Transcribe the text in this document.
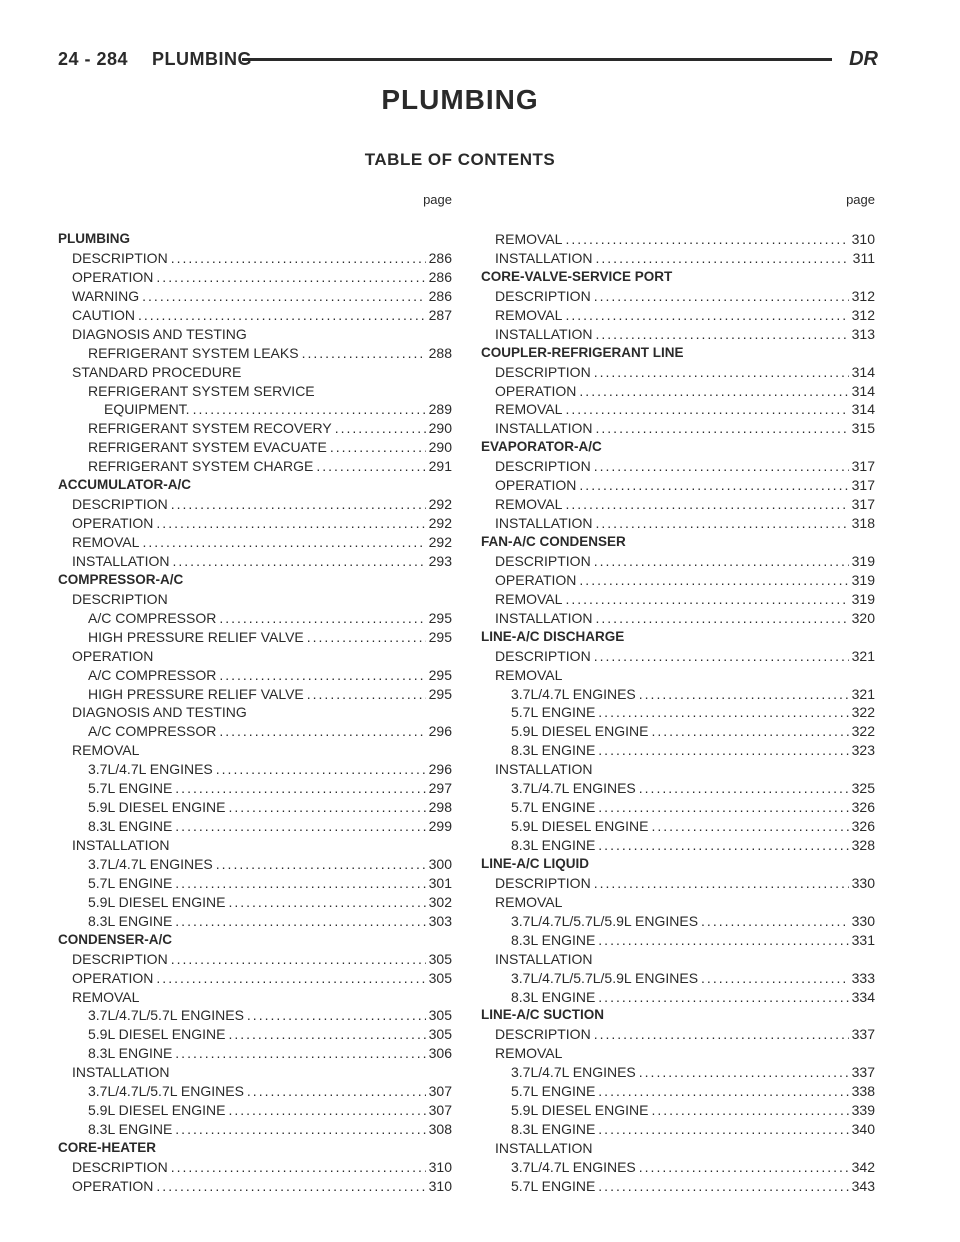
24 - 284 PLUMBING	DR
PLUMBING
TABLE OF CONTENTS
page	page
PLUMBING
DESCRIPTION .....	286
OPERATION .....	286
WARNING .....	286
CAUTION .....	287
DIAGNOSIS AND TESTING
REFRIGERANT SYSTEM LEAKS .....	288
STANDARD PROCEDURE
REFRIGERANT SYSTEM SERVICE
EQUIPMENT. .....	289
REFRIGERANT SYSTEM RECOVERY .....	290
REFRIGERANT SYSTEM EVACUATE .....	290
REFRIGERANT SYSTEM CHARGE .....	291
ACCUMULATOR-A/C
DESCRIPTION .....	292
OPERATION .....	292
REMOVAL .....	292
INSTALLATION .....	293
COMPRESSOR-A/C
DESCRIPTION
A/C COMPRESSOR .....	295
HIGH PRESSURE RELIEF VALVE .....	295
OPERATION
A/C COMPRESSOR .....	295
HIGH PRESSURE RELIEF VALVE .....	295
DIAGNOSIS AND TESTING
A/C COMPRESSOR .....	296
REMOVAL
3.7L/4.7L ENGINES .....	296
5.7L ENGINE .....	297
5.9L DIESEL ENGINE .....	298
8.3L ENGINE .....	299
INSTALLATION
3.7L/4.7L ENGINES .....	300
5.7L ENGINE .....	301
5.9L DIESEL ENGINE .....	302
8.3L ENGINE .....	303
CONDENSER-A/C
DESCRIPTION .....	305
OPERATION .....	305
REMOVAL
3.7L/4.7L/5.7L ENGINES .....	305
5.9L DIESEL ENGINE .....	305
8.3L ENGINE .....	306
INSTALLATION
3.7L/4.7L/5.7L ENGINES .....	307
5.9L DIESEL ENGINE .....	307
8.3L ENGINE .....	308
CORE-HEATER
DESCRIPTION .....	310
OPERATION .....	310
REMOVAL .....	310
INSTALLATION .....	311
CORE-VALVE-SERVICE PORT
DESCRIPTION .....	312
REMOVAL .....	312
INSTALLATION .....	313
COUPLER-REFRIGERANT LINE
DESCRIPTION .....	314
OPERATION .....	314
REMOVAL .....	314
INSTALLATION .....	315
EVAPORATOR-A/C
DESCRIPTION .....	317
OPERATION .....	317
REMOVAL .....	317
INSTALLATION .....	318
FAN-A/C CONDENSER
DESCRIPTION .....	319
OPERATION .....	319
REMOVAL .....	319
INSTALLATION .....	320
LINE-A/C DISCHARGE
DESCRIPTION .....	321
REMOVAL
3.7L/4.7L ENGINES .....	321
5.7L ENGINE .....	322
5.9L DIESEL ENGINE .....	322
8.3L ENGINE .....	323
INSTALLATION
3.7L/4.7L ENGINES .....	325
5.7L ENGINE .....	326
5.9L DIESEL ENGINE .....	326
8.3L ENGINE .....	328
LINE-A/C LIQUID
DESCRIPTION .....	330
REMOVAL
3.7L/4.7L/5.7L/5.9L ENGINES .....	330
8.3L ENGINE .....	331
INSTALLATION
3.7L/4.7L/5.7L/5.9L ENGINES .....	333
8.3L ENGINE .....	334
LINE-A/C SUCTION
DESCRIPTION .....	337
REMOVAL
3.7L/4.7L ENGINES .....	337
5.7L ENGINE .....	338
5.9L DIESEL ENGINE .....	339
8.3L ENGINE .....	340
INSTALLATION
3.7L/4.7L ENGINES .....	342
5.7L ENGINE .....	343
